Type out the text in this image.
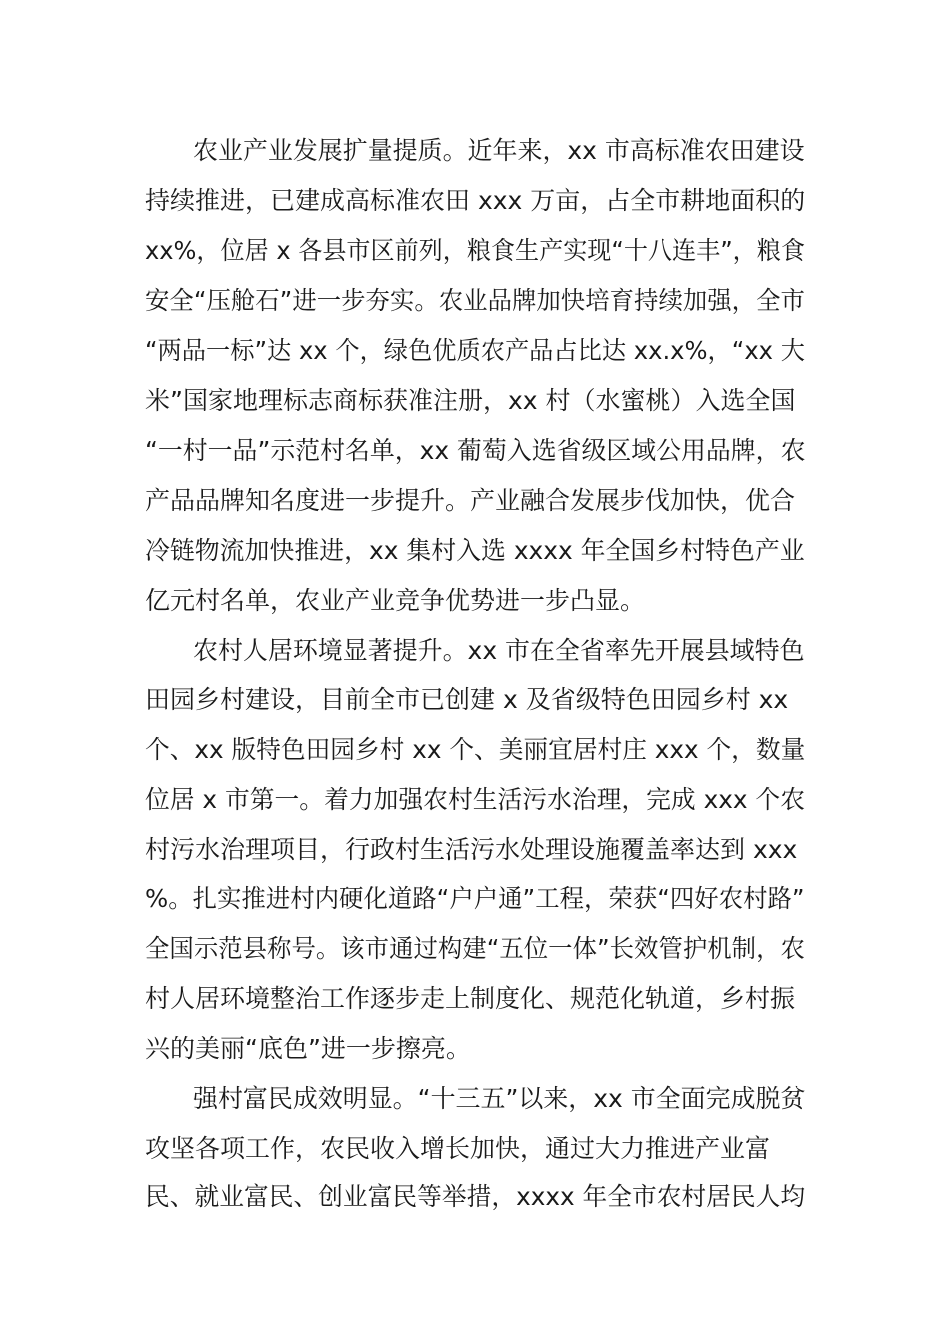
农业产业发展扩量提质。近年来，xx 市高标准农田建设
持续推进，已建成高标准农田 xxx 万亩，占全市耕地面积的
xx%，位居 x 各县市区前列，粮食生产实现“十八连丰”，粮食
安全“压舱石”进一步夯实。农业品牌加快培育持续加强，全市
“两品一标”达 xx 个，绿色优质农产品占比达 xx.x%，“xx 大
米”国家地理标志商标获准注册，xx 村（水蜜桃）入选全国
“一村一品”示范村名单，xx 葡萄入选省级区域公用品牌，农
产品品牌知名度进一步提升。产业融合发展步伐加快，优合
冷链物流加快推进，xx 集村入选 xxxx 年全国乡村特色产业
亿元村名单，农业产业竞争优势进一步凸显。
农村人居环境显著提升。xx 市在全省率先开展县域特色
田园乡村建设，目前全市已创建 x 及省级特色田园乡村 xx
个、xx 版特色田园乡村 xx 个、美丽宜居村庄 xxx 个，数量
位居 x 市第一。着力加强农村生活污水治理，完成 xxx 个农
村污水治理项目，行政村生活污水处理设施覆盖率达到 xxx
%。扎实推进村内硬化道路“户户通”工程，荣获“四好农村路”
全国示范县称号。该市通过构建“五位一体”长效管护机制，农
村人居环境整治工作逐步走上制度化、规范化轨道，乡村振
兴的美丽“底色”进一步擦亮。
强村富民成效明显。“十三五”以来，xx 市全面完成脱贫
攻坚各项工作，农民收入增长加快，通过大力推进产业富
民、就业富民、创业富民等举措，xxxx 年全市农村居民人均
